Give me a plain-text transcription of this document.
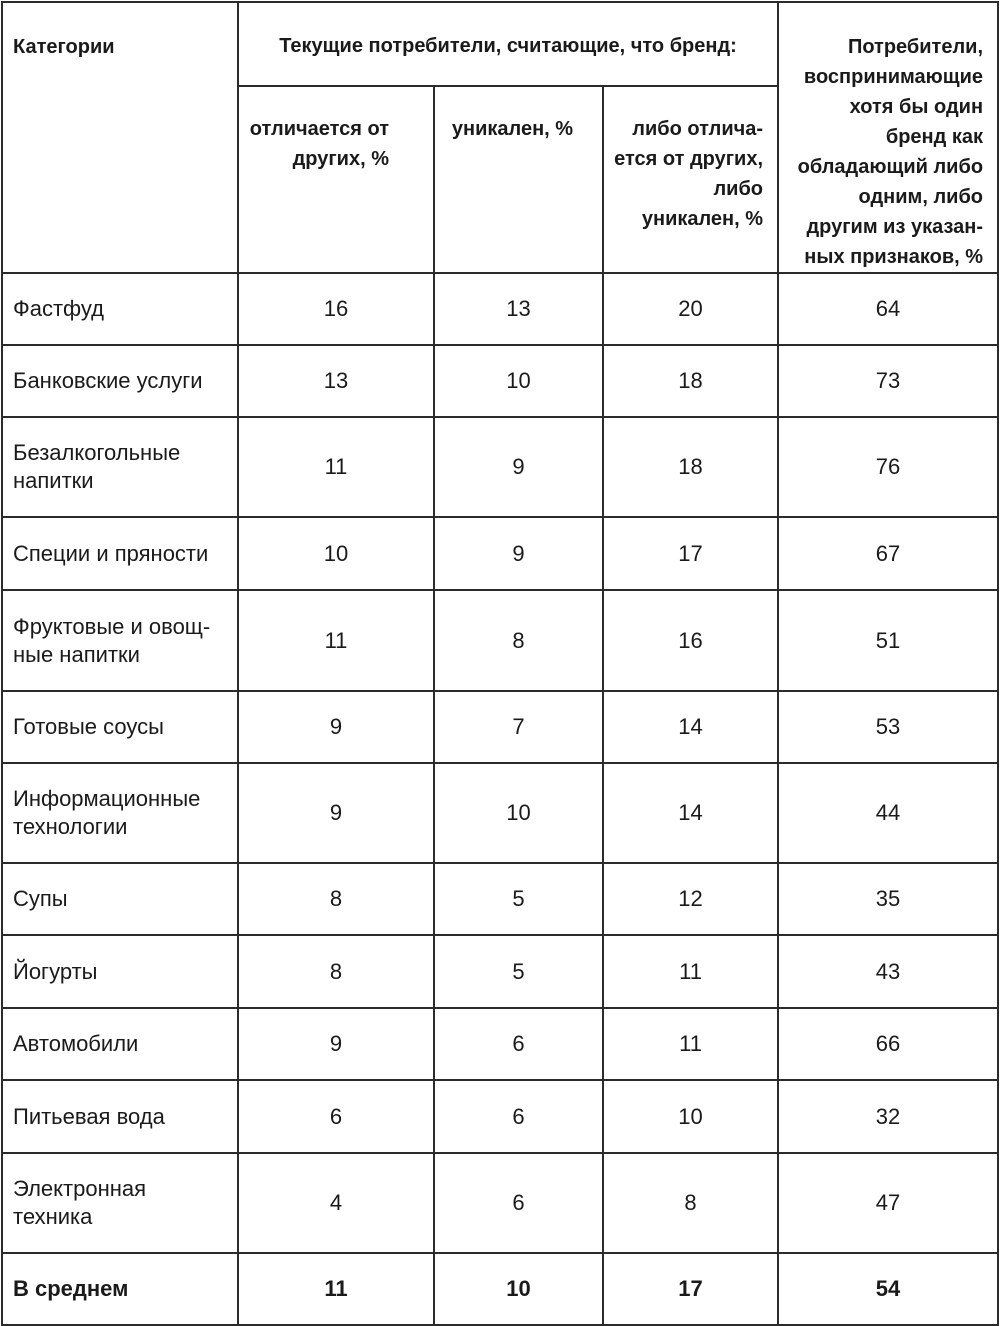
Категории	Текущие потребители, считающие, что бренд:			Потребители, воспринимающие хотя бы один бренд как обладающий либо одним, либо другим из указан-ных признаков, %
	отличается от других, %	уникален, %	либо отлича-ется от других, либо уникален, %	
Фастфуд	16	13	20	64
Банковские услуги	13	10	18	73
Безалкогольные напитки	11	9	18	76
Специи и пряности	10	9	17	67
Фруктовые и овощ-ные напитки	11	8	16	51
Готовые соусы	9	7	14	53
Информационные технологии	9	10	14	44
Супы	8	5	12	35
Йогурты	8	5	11	43
Автомобили	9	6	11	66
Питьевая вода	6	6	10	32
Электронная техника	4	6	8	47
В среднем	11	10	17	54
